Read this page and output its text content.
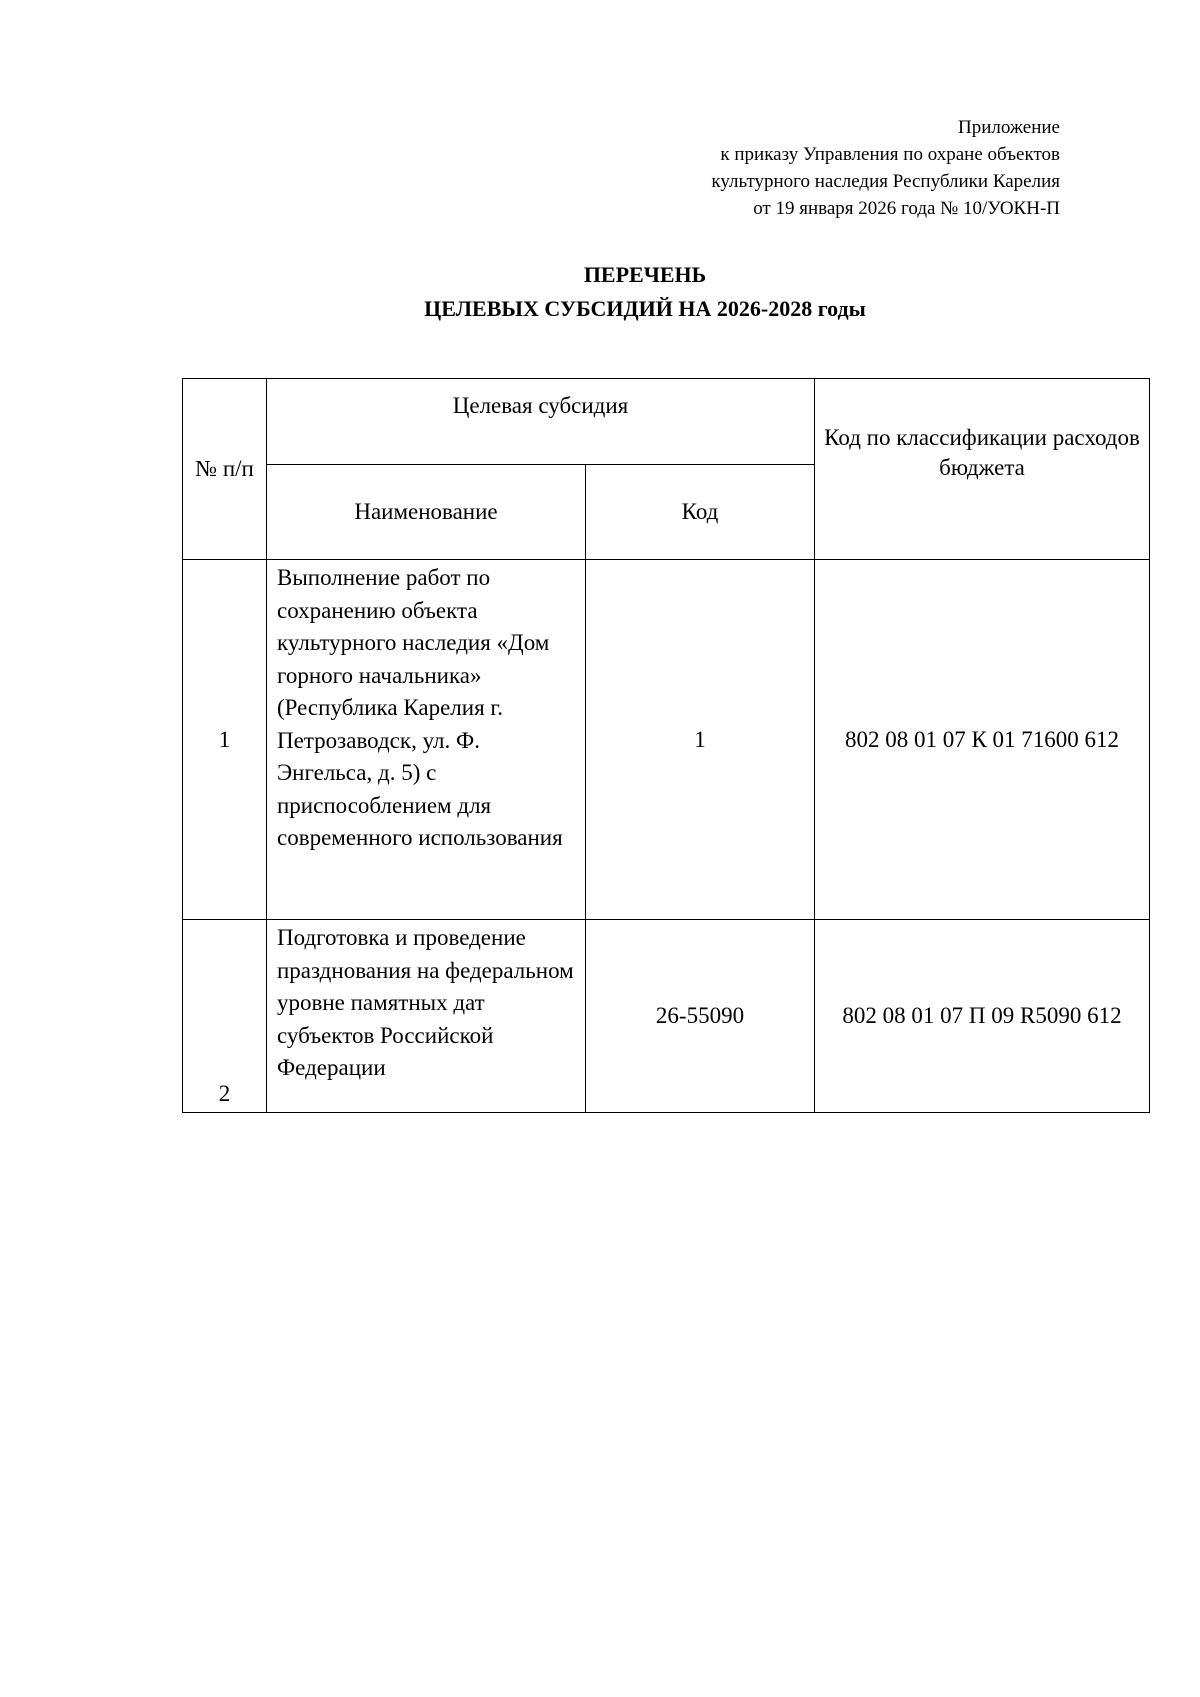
Приложение
к приказу Управления по охране объектов
культурного наследия Республики Карелия
от 19 января 2026 года № 10/УОКН-П
ПЕРЕЧЕНЬ
ЦЕЛЕВЫХ СУБСИДИЙ НА 2026-2028 годы
№ п/п	Целевая субсидия		Код по классификации расходов бюджета

	Наименование	Код	
1	Выполнение работ по сохранению объекта культурного наследия «Дом горного начальника» (Республика Карелия г. Петрозаводск, ул. Ф. Энгельса, д. 5) с приспособлением для современного использования	1	802 08 01 07 К 01 71600 612
2	Подготовка и проведение празднования на федеральном уровне памятных дат субъектов Российской Федерации	26-55090	802 08 01 07 П 09 R5090 612
